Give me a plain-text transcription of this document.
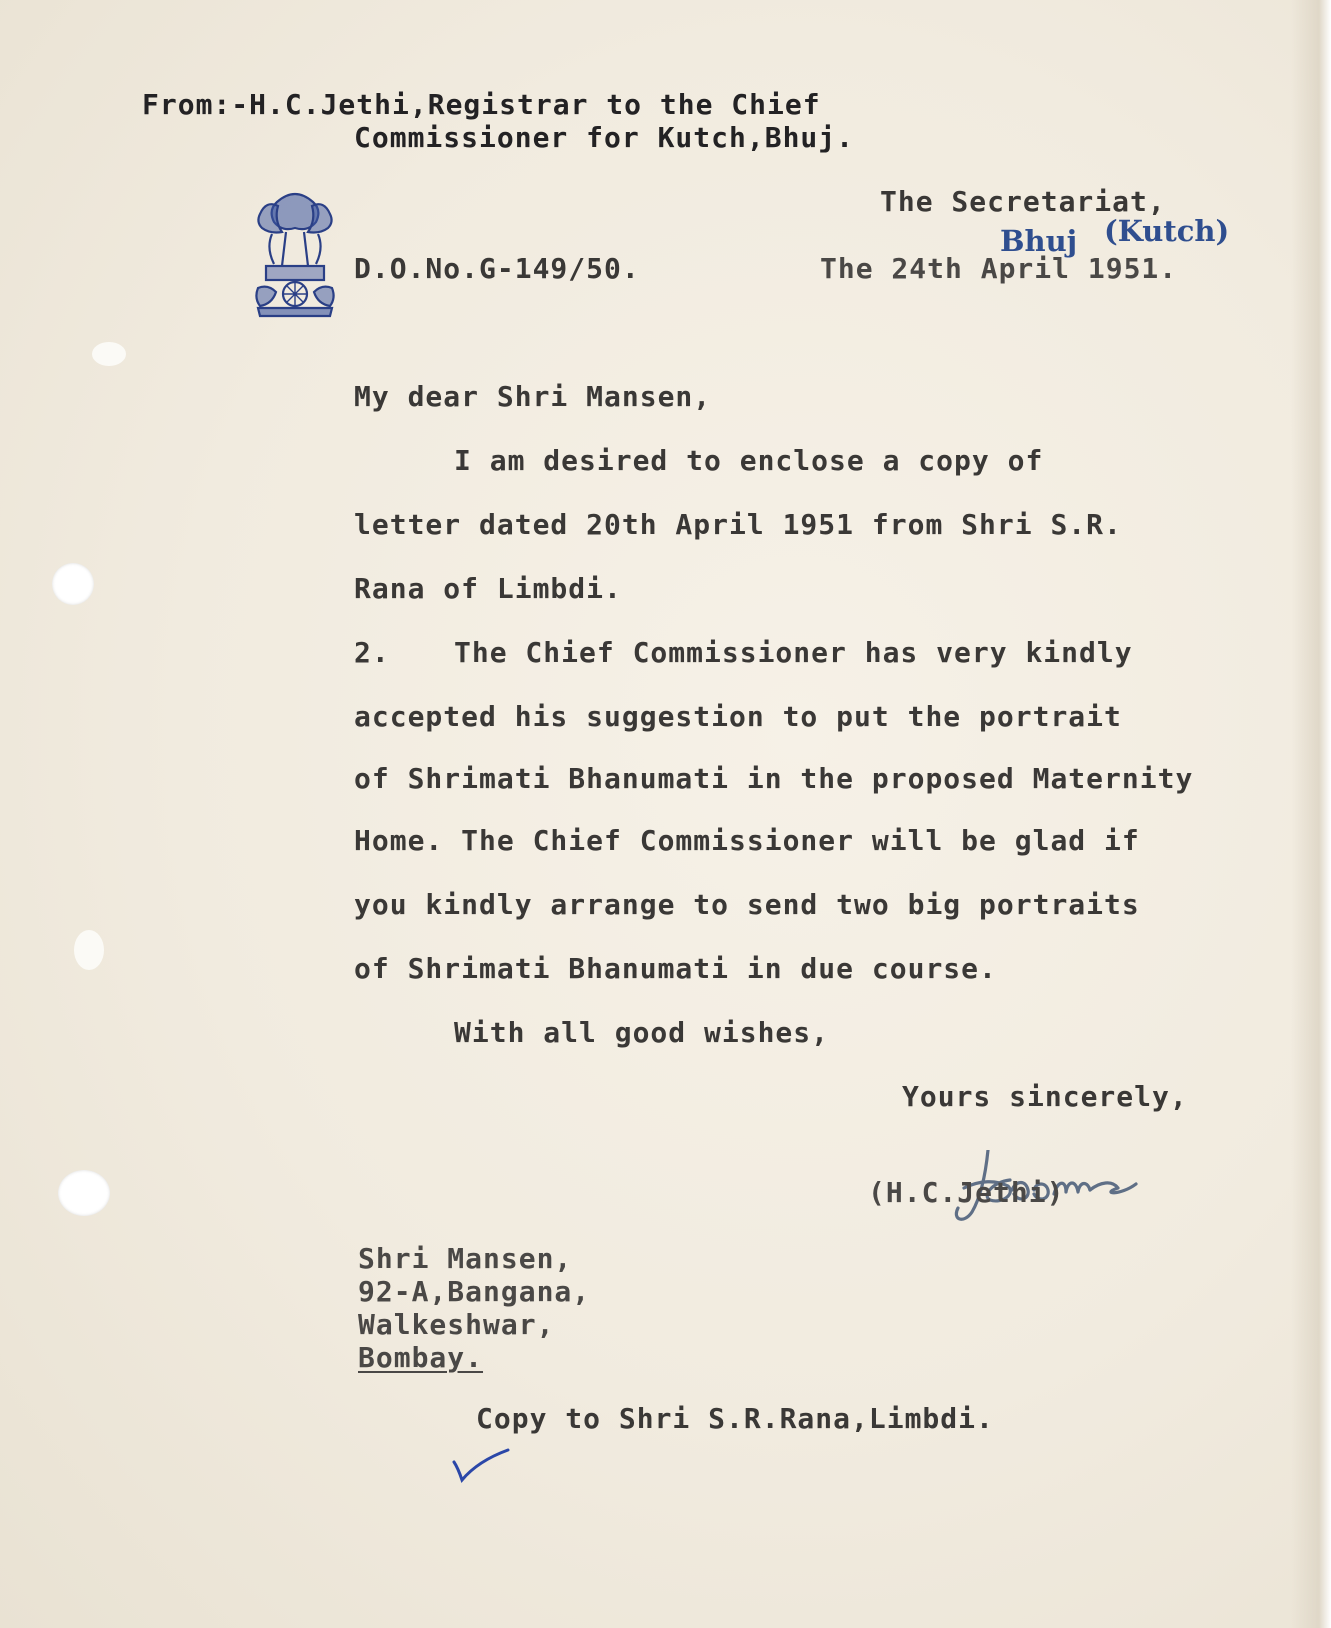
From:-H.C.Jethi,Registrar to the Chief
Commissioner for Kutch,Bhuj.
The Secretariat,
Bhuj (Kutch)
D.O.No.G-149/50.	The 24th April 1951.
My dear Shri Mansen,
I am desired to enclose a copy of
letter dated 20th April 1951 from Shri S.R.
Rana of Limbdi.
2. The Chief Commissioner has very kindly
accepted his suggestion to put the portrait
of Shrimati Bhanumati in the proposed Maternity
Home. The Chief Commissioner will be glad if
you kindly arrange to send two big portraits
of Shrimati Bhanumati in due course.
With all good wishes,
Yours sincerely,
(H.C.Jethi)
Shri Mansen,
92-A,Bangana,
Walkeshwar,
Bombay.
Copy to Shri S.R.Rana,Limbdi.
